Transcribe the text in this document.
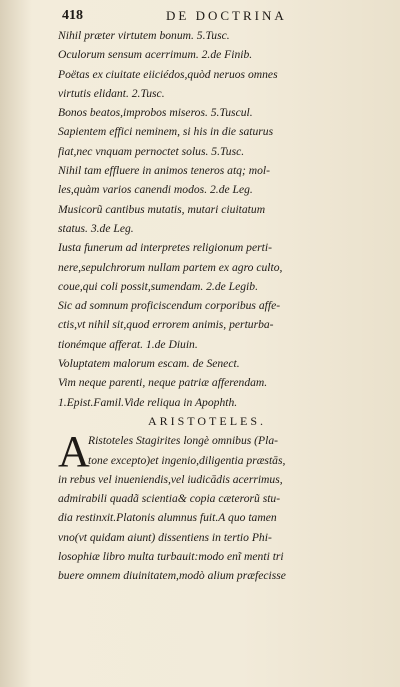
418	DE DOCTRINA
Nihil præter virtutem bonum. 5.Tusc.
Oculorum sensum acerrimum. 2.de Finib.
Poëtas ex ciuitate eiiciédos,quòd neruos omnes
virtutis elidant. 2.Tusc.
Bonos beatos,improbos miseros. 5.Tuscul.
Sapientem effici neminem, si his in die saturus
fiat,nec vnquam pernoctet solus. 5.Tusc.
Nihil tam effluere in animos teneros atq; mol-
les,quàm varios canendi modos. 2.de Leg.
Musicorũ cantibus mutatis, mutari ciuitatum
status. 3.de Leg.
Iusta funerum ad interpretes religionum perti-
nere,sepulchrorum nullam partem ex agro culto,
coue,qui coli possit,sumendam. 2.de Legib.
Sic ad somnum proficiscendum corporibus affe-
ctis,vt nihil sit,quod errorem animis, perturba-
tionémque afferat. 1.de Diuin.
Voluptatem malorum escam. de Senect.
Vim neque parenti, neque patriæ afferendam.
1.Epist.Famil.Vide reliqua in Apophth.
ARISTOTELES.
A
Ristoteles Stagirites longè omnibus (Pla-
tone excepto)et ingenio,diligentia præstās,
in rebus vel inueniendis,vel iudicādis acerrimus,
admirabili quadã scientia& copia cæterorũ stu-
dia restinxit.Platonis alumnus fuit.A quo tamen
vno(vt quidam aiunt) dissentiens in tertio Phi-
losophiæ libro multa turbauit:modo enĩ menti tri
buere omnem diuinitatem,modò alium præfecisse
